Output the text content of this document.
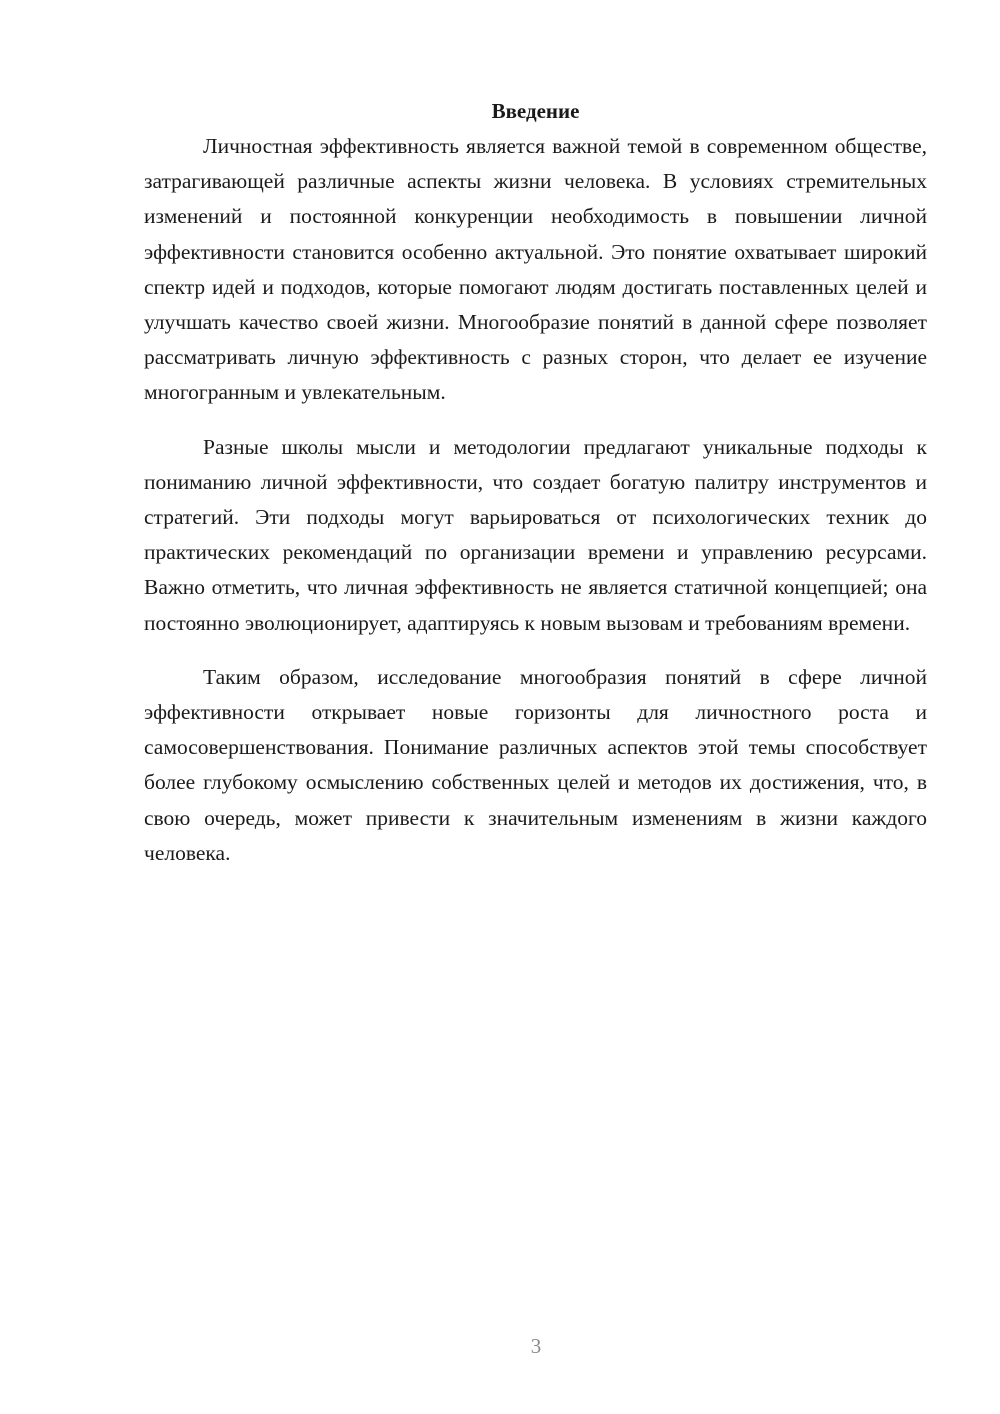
Введение

Личностная эффективность является важной темой в современном обществе, затрагивающей различные аспекты жизни человека. В условиях стремительных изменений и постоянной конкуренции необходимость в повышении личной эффективности становится особенно актуальной. Это понятие охватывает широкий спектр идей и подходов, которые помогают людям достигать поставленных целей и улучшать качество своей жизни. Многообразие понятий в данной сфере позволяет рассматривать личную эффективность с разных сторон, что делает ее изучение многогранным и увлекательным.

Разные школы мысли и методологии предлагают уникальные подходы к пониманию личной эффективности, что создает богатую палитру инструментов и стратегий. Эти подходы могут варьироваться от психологических техник до практических рекомендаций по организации времени и управлению ресурсами. Важно отметить, что личная эффективность не является статичной концепцией; она постоянно эволюционирует, адаптируясь к новым вызовам и требованиям времени.

Таким образом, исследование многообразия понятий в сфере личной эффективности открывает новые горизонты для личностного роста и самосовершенствования. Понимание различных аспектов этой темы способствует более глубокому осмыслению собственных целей и методов их достижения, что, в свою очередь, может привести к значительным изменениям в жизни каждого человека.

3
